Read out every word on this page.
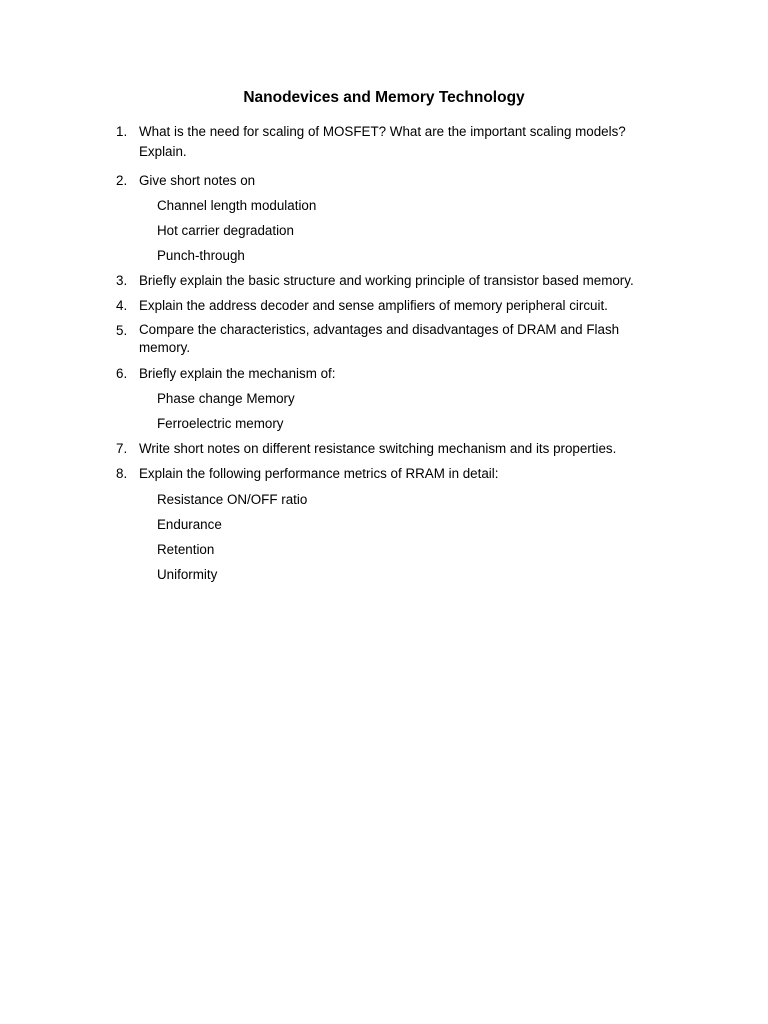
Nanodevices and Memory Technology
1. What is the need for scaling of MOSFET? What are the important scaling models?
Explain.
2. Give short notes on
Channel length modulation
Hot carrier degradation
Punch-through
3. Briefly explain the basic structure and working principle of transistor based memory.
4. Explain the address decoder and sense amplifiers of memory peripheral circuit.
5. Compare the characteristics, advantages and disadvantages of DRAM and Flash
memory.
6. Briefly explain the mechanism of:
Phase change Memory
Ferroelectric memory
7. Write short notes on different resistance switching mechanism and its properties.
8. Explain the following performance metrics of RRAM in detail:
Resistance ON/OFF ratio
Endurance
Retention
Uniformity
